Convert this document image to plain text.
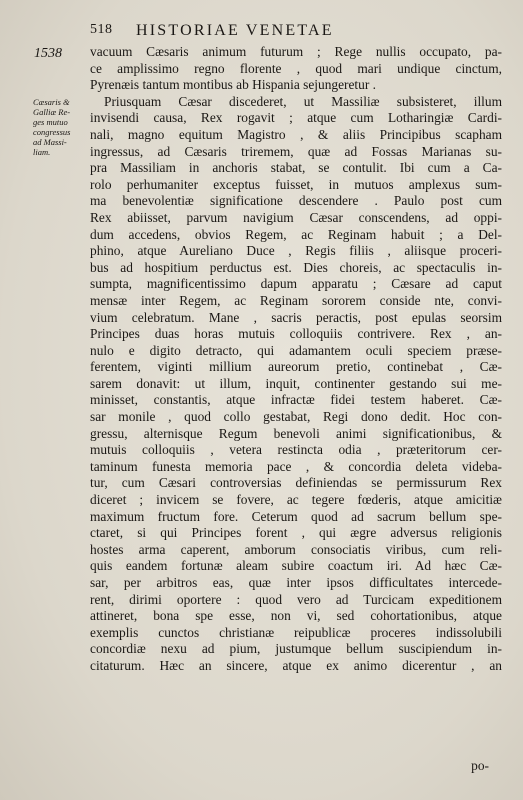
518 HISTORIAE VENETAE
1538
Cæsaris &
Galliæ Re-
ges mutuo
congressus
ad Massi-
liam.
vacuum Cæsaris animum futurum ; Rege nullis occupato, pa-
ce amplissimo regno florente , quod mari undique cinctum,
Pyrenæis tantum montibus ab Hispania sejungeretur .
Priusquam Cæsar discederet, ut Massiliæ subsisteret, illum
invisendi causa, Rex rogavit ; atque cum Lotharingiæ Cardi-
nali, magno equitum Magistro , & aliis Principibus scapham
ingressus, ad Cæsaris triremem, quæ ad Fossas Marianas su-
pra Massiliam in anchoris stabat, se contulit. Ibi cum a Ca-
rolo perhumaniter exceptus fuisset, in mutuos amplexus sum-
ma benevolentiæ significatione descendere . Paulo post cum
Rex abiisset, parvum navigium Cæsar conscendens, ad oppi-
dum accedens, obvios Regem, ac Reginam habuit ; a Del-
phino, atque Aureliano Duce , Regis filiis , aliisque proceri-
bus ad hospitium perductus est. Dies choreis, ac spectaculis in-
sumpta, magnificentissimo dapum apparatu ; Cæsare ad caput
mensæ inter Regem, ac Reginam sororem conside nte, convi-
vium celebratum. Mane , sacris peractis, post epulas seorsim
Principes duas horas mutuis colloquiis contrivere. Rex , an-
nulo e digito detracto, qui adamantem oculi speciem præse-
ferentem, viginti millium aureorum pretio, continebat , Cæ-
sarem donavit: ut illum, inquit, continenter gestando sui me-
minisset, constantis, atque infractæ fidei testem haberet. Cæ-
sar monile , quod collo gestabat, Regi dono dedit. Hoc con-
gressu, alternisque Regum benevoli animi significationibus, &
mutuis colloquiis , vetera restincta odia , præteritorum cer-
taminum funesta memoria pace , & concordia deleta videba-
tur, cum Cæsari controversias definiendas se permissurum Rex
diceret ; invicem se fovere, ac tegere fœderis, atque amicitiæ
maximum fructum fore. Ceterum quod ad sacrum bellum spe-
ctaret, si qui Principes forent , qui ægre adversus religionis
hostes arma caperent, amborum consociatis viribus, cum reli-
quis eandem fortunæ aleam subire coactum iri. Ad hæc Cæ-
sar, per arbitros eas, quæ inter ipsos difficultates intercede-
rent, dirimi oportere : quod vero ad Turcicam expeditionem
attineret, bona spe esse, non vi, sed cohortationibus, atque
exemplis cunctos christianæ reipublicæ proceres indissolubili
concordiæ nexu ad pium, justumque bellum suscipiendum in-
citaturum. Hæc an sincere, atque ex animo dicerentur , an
po-
